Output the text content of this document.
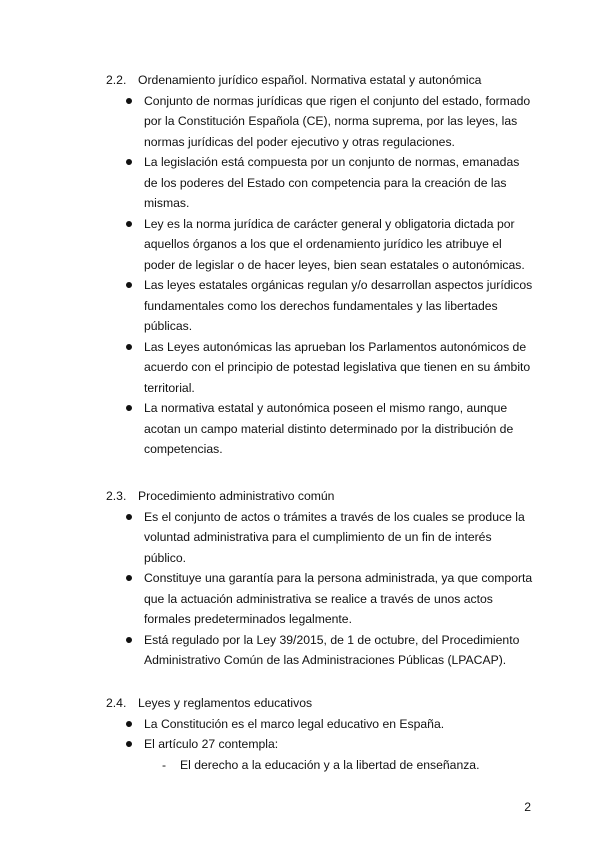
2.2. Ordenamiento jurídico español. Normativa estatal y autonómica
Conjunto de normas jurídicas que rigen el conjunto del estado, formado por la Constitución Española (CE), norma suprema, por las leyes, las normas jurídicas del poder ejecutivo y otras regulaciones.
La legislación está compuesta por un conjunto de normas, emanadas de los poderes del Estado con competencia para la creación de las mismas.
Ley es la norma jurídica de carácter general y obligatoria dictada por aquellos órganos a los que el ordenamiento jurídico les atribuye el poder de legislar o de hacer leyes, bien sean estatales o autonómicas.
Las leyes estatales orgánicas regulan y/o desarrollan aspectos jurídicos fundamentales como los derechos fundamentales y las libertades públicas.
Las Leyes autonómicas las aprueban los Parlamentos autonómicos de acuerdo con el principio de potestad legislativa que tienen en su ámbito territorial.
La normativa estatal y autonómica poseen el mismo rango, aunque acotan un campo material distinto determinado por la distribución de competencias.
2.3. Procedimiento administrativo común
Es el conjunto de actos o trámites a través de los cuales se produce la voluntad administrativa para el cumplimiento de un fin de interés público.
Constituye una garantía para la persona administrada, ya que comporta que la actuación administrativa se realice a través de unos actos formales predeterminados legalmente.
Está regulado por la Ley 39/2015, de 1 de octubre, del Procedimiento Administrativo Común de las Administraciones Públicas (LPACAP).
2.4. Leyes y reglamentos educativos
La Constitución es el marco legal educativo en España.
El artículo 27 contempla:
- El derecho a la educación y a la libertad de enseñanza.
2
